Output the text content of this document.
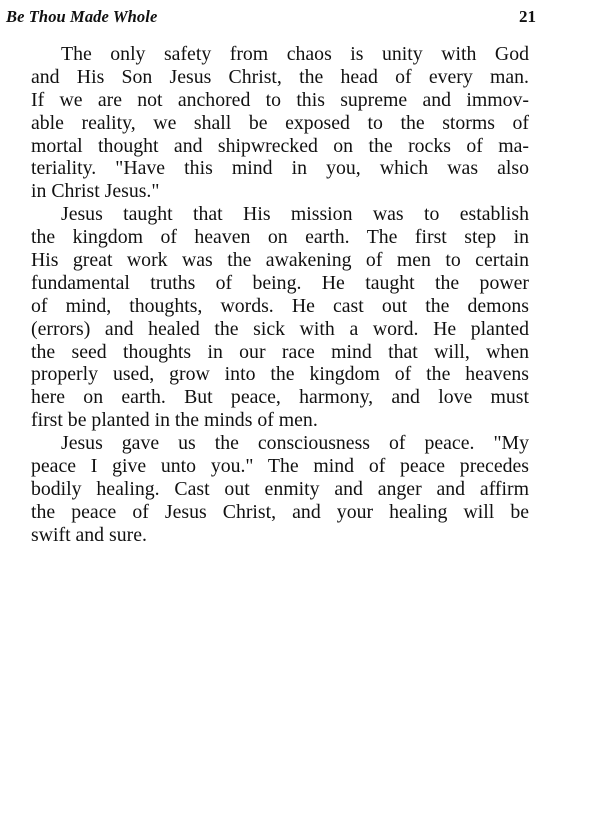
Be Thou Made Whole	21
The only safety from chaos is unity with God
and His Son Jesus Christ, the head of every man.
If we are not anchored to this supreme and immov-
able reality, we shall be exposed to the storms of
mortal thought and shipwrecked on the rocks of ma-
teriality. "Have this mind in you, which was also
in Christ Jesus."
Jesus taught that His mission was to establish
the kingdom of heaven on earth. The first step in
His great work was the awakening of men to certain
fundamental truths of being. He taught the power
of mind, thoughts, words. He cast out the demons
(errors) and healed the sick with a word. He planted
the seed thoughts in our race mind that will, when
properly used, grow into the kingdom of the heavens
here on earth. But peace, harmony, and love must
first be planted in the minds of men.
Jesus gave us the consciousness of peace. "My
peace I give unto you." The mind of peace precedes
bodily healing. Cast out enmity and anger and affirm
the peace of Jesus Christ, and your healing will be
swift and sure.
